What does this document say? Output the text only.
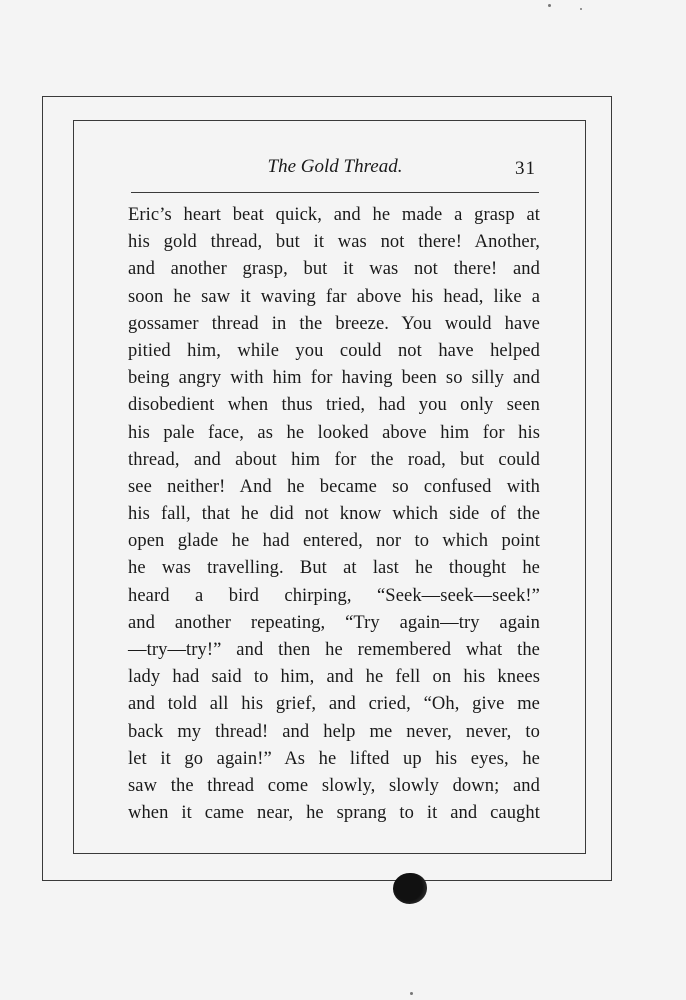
The Gold Thread.	31
Eric’s heart beat quick, and he made a grasp at
his gold thread, but it was not there! Another,
and another grasp, but it was not there! and
soon he saw it waving far above his head, like a
gossamer thread in the breeze. You would have
pitied him, while you could not have helped
being angry with him for having been so silly and
disobedient when thus tried, had you only seen
his pale face, as he looked above him for his
thread, and about him for the road, but could
see neither! And he became so confused with
his fall, that he did not know which side of the
open glade he had entered, nor to which point
he was travelling. But at last he thought he
heard a bird chirping, “Seek—seek—seek!”
and another repeating, “Try again—try again
—try—try!” and then he remembered what the
lady had said to him, and he fell on his knees
and told all his grief, and cried, “Oh, give me
back my thread! and help me never, never, to
let it go again!” As he lifted up his eyes, he
saw the thread come slowly, slowly down; and
when it came near, he sprang to it and caught
